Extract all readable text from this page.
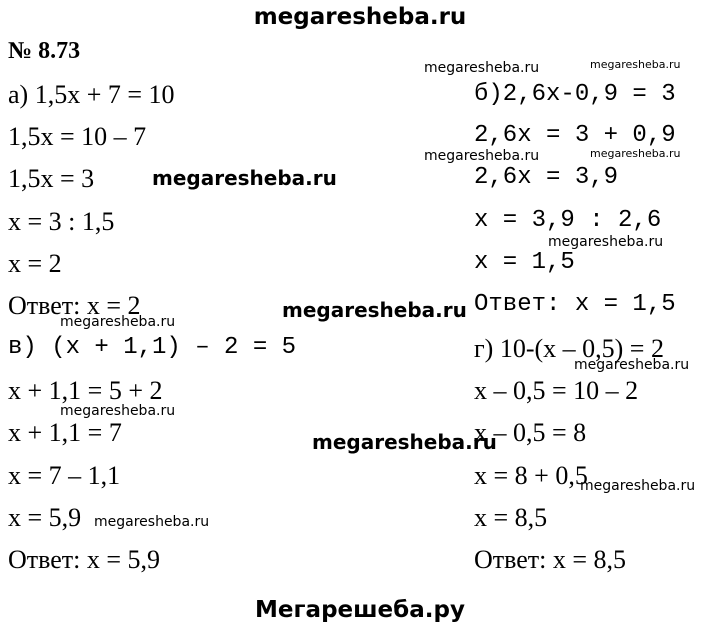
megaresheba.ru
№ 8.73
а) 1,5х + 7 = 10
1,5х = 10 – 7
1,5х = 3
х = 3 : 1,5
х = 2
Ответ: х = 2
б)2,6х-0,9 = 3
2,6х = 3 + 0,9
2,6х = 3,9
х = 3,9 : 2,6
х = 1,5
Ответ: х = 1,5
в) (х + 1,1) – 2 = 5
х + 1,1 = 5 + 2
х + 1,1 = 7
х = 7 – 1,1
х = 5,9
Ответ: х = 5,9
г) 10-(х – 0,5) = 2
х – 0,5 = 10 – 2
х – 0,5 = 8
х = 8 + 0,5
х = 8,5
Ответ: х = 8,5
megaresheba.ru	megaresheba.ru
megaresheba.ru	megaresheba.ru
megaresheba.ru
megaresheba.ru
megaresheba.ru
megaresheba.ru
megaresheba.ru
megaresheba.ru
megaresheba.ru
megaresheba.ru
megaresheba.ru
Мегарешеба.ру
